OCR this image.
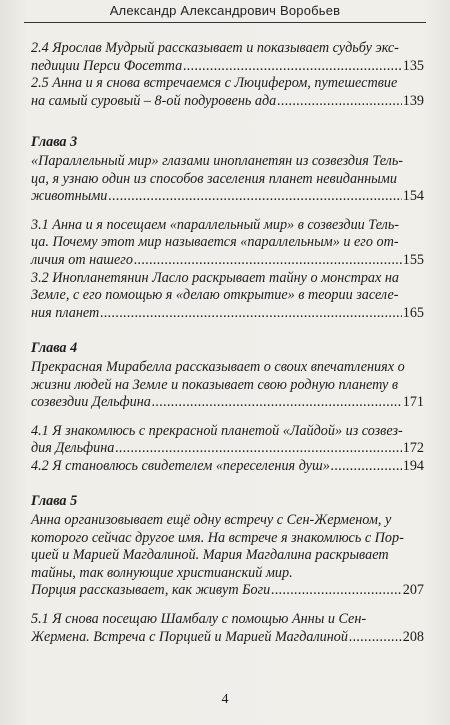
Александр Александрович Воробьев
2.4 Ярослав Мудрый рассказывает и показывает судьбу экс-
педиции Перси Фосетта .....	135
2.5 Анна и я снова встречаемся с Люцифером, путешествие
на самый суровый – 8-ой подуровень ада .....	139
Глава 3
«Параллельный мир» глазами инопланетян из созвездия Тель-
ца, я узнаю один из способов заселения планет невиданными
животными .....	154
3.1 Анна и я посещаем «параллельный мир» в созвездии Тель-
ца. Почему этот мир называется «параллельным» и его от-
личия от нашего .....	155
3.2 Инопланетянин Ласло раскрывает тайну о монстрах на
Земле, с его помощью я «делаю открытие» в теории заселе-
ния планет .....	165
Глава 4
Прекрасная Мирабелла рассказывает о своих впечатлениях о
жизни людей на Земле и показывает свою родную планету в
созвездии Дельфина .....	171
4.1 Я знакомлюсь с прекрасной планетой «Лайдой» из созвез-
дия Дельфина .....	172
4.2 Я становлюсь свидетелем «переселения душ» .....	194
Глава 5
Анна организовывает ещё одну встречу с Сен-Жерменом, у
которого сейчас другое имя. На встрече я знакомлюсь с Пор-
цией и Марией Магдалиной. Мария Магдалина раскрывает
тайны, так волнующие христианский мир.
Порция рассказывает, как живут Боги .....	207
5.1 Я снова посещаю Шамбалу с помощью Анны и Сен-
Жермена. Встреча с Порцией и Марией Магдалиной .....	208
4
